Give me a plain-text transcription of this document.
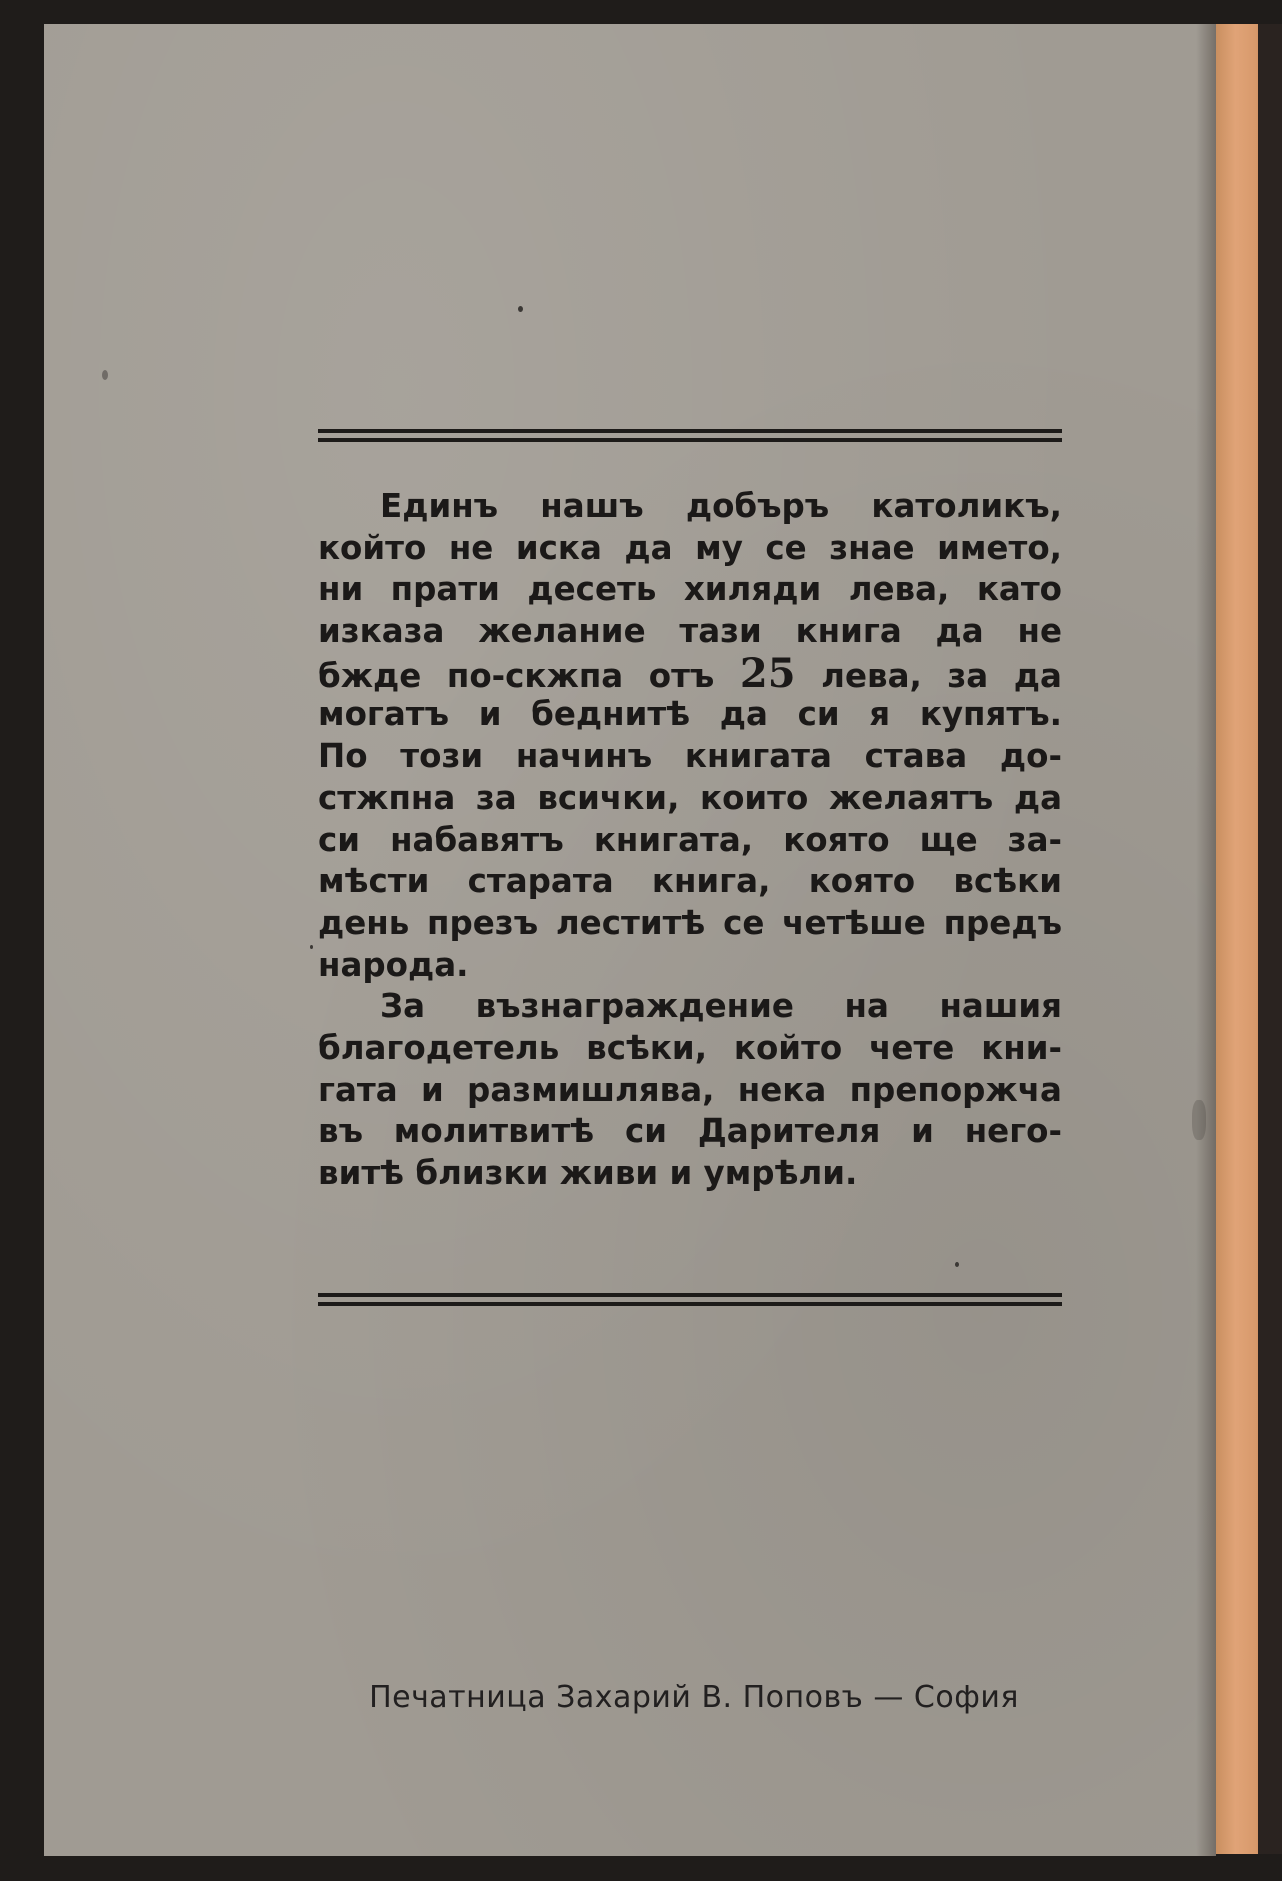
Единъ нашъ добъръ католикъ,
който не иска да му се знае името,
ни прати десеть хиляди лева, като
изказа желание тази книга да не
бжде по-скжпа отъ 25 лева, за да
могатъ и беднитѣ да си я купятъ.
По този начинъ книгата става до-
стжпна за всички, които желаятъ да
си набавятъ книгата, която ще за-
мѣсти старата книга, която всѣки
день презъ леститѣ се четѣше предъ
народа.
За възнаграждение на нашия
благодетель всѣки, който чете кни-
гата и размишлява, нека препоржча
въ молитвитѣ си Дарителя и него-
витѣ близки живи и умрѣли.
Печатница Захарий В. Поповъ — София
